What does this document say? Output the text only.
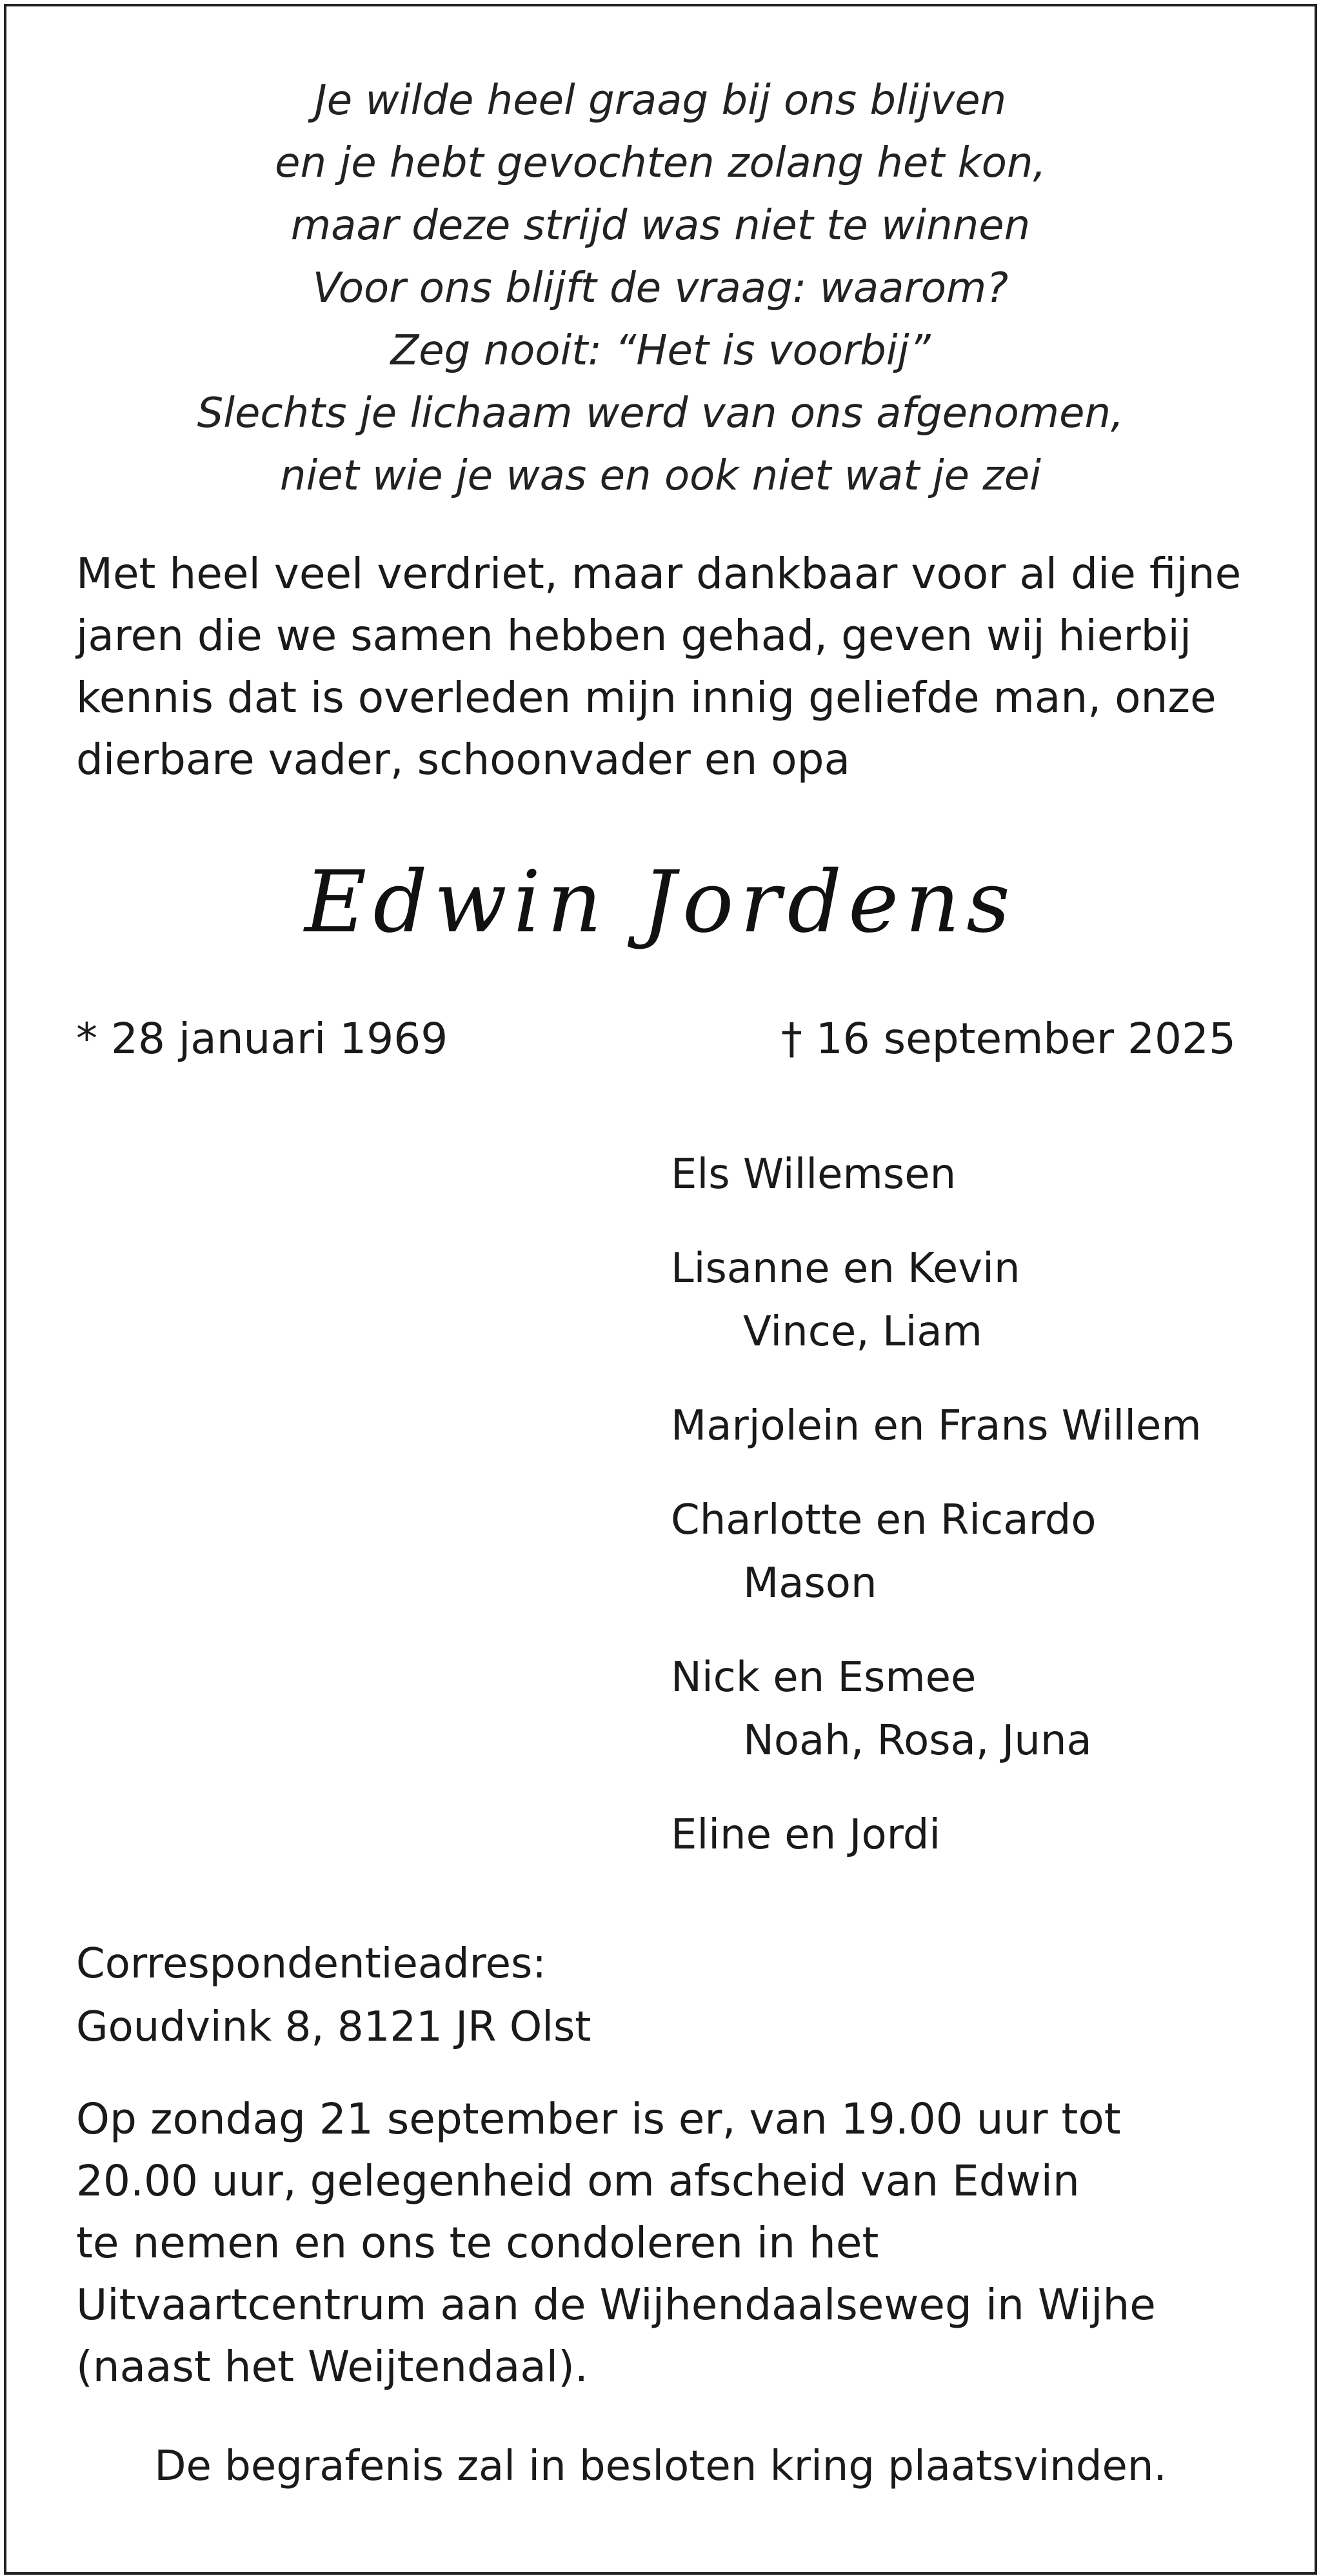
Je wilde heel graag bij ons blijven
en je hebt gevochten zolang het kon,
maar deze strijd was niet te winnen
Voor ons blijft de vraag: waarom?
Zeg nooit: “Het is voorbij”
Slechts je lichaam werd van ons afgenomen,
niet wie je was en ook niet wat je zei
Met heel veel verdriet, maar dankbaar voor al die fijne
jaren die we samen hebben gehad, geven wij hierbij
kennis dat is overleden mijn innig geliefde man, onze
dierbare vader, schoonvader en opa
Edwin Jordens
* 28 januari 1969	† 16 september 2025
Els Willemsen
Lisanne en Kevin
Vince, Liam
Marjolein en Frans Willem
Charlotte en Ricardo
Mason
Nick en Esmee
Noah, Rosa, Juna
Eline en Jordi
Correspondentieadres:
Goudvink 8, 8121 JR Olst
Op zondag 21 september is er, van 19.00 uur tot
20.00 uur, gelegenheid om afscheid van Edwin
te nemen en ons te condoleren in het
Uitvaartcentrum aan de Wijhendaalseweg in Wijhe
(naast het Weijtendaal).
De begrafenis zal in besloten kring plaatsvinden.
